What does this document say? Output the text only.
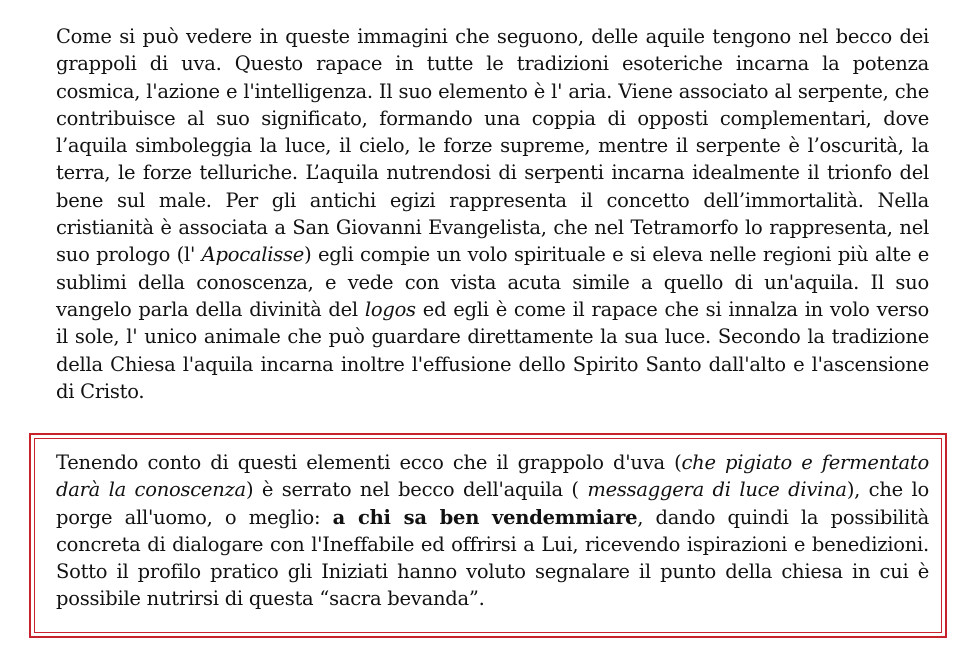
Come si può vedere in queste immagini che seguono, delle aquile tengono nel becco dei grappoli di uva. Questo rapace in tutte le tradizioni esoteriche incarna la potenza cosmica, l'azione e l'intelligenza. Il suo elemento è l' aria. Viene associato al serpente, che contribuisce al suo significato, formando una coppia di opposti complementari, dove l’aquila simboleggia la luce, il cielo, le forze supreme, mentre il serpente è l’oscurità, la terra, le forze telluriche. L’aquila nutrendosi di serpenti incarna idealmente il trionfo del bene sul male. Per gli antichi egizi rappresenta il concetto dell’immortalità. Nella cristianità è associata a San Giovanni Evangelista, che nel Tetramorfo lo rappresenta, nel suo prologo (l' Apocalisse) egli compie un volo spirituale e si eleva nelle regioni più alte e sublimi della conoscenza, e vede con vista acuta simile a quello di un'aquila. Il suo vangelo parla della divinità del logos ed egli è come il rapace che si innalza in volo verso il sole, l' unico animale che può guardare direttamente la sua luce. Secondo la tradizione della Chiesa l'aquila incarna inoltre l'effusione dello Spirito Santo dall'alto e l'ascensione di Cristo.

Tenendo conto di questi elementi ecco che il grappolo d'uva (che pigiato e fermentato darà la conoscenza) è serrato nel becco dell'aquila ( messaggera di luce divina), che lo porge all'uomo, o meglio: a chi sa ben vendemmiare, dando quindi la possibilità concreta di dialogare con l'Ineffabile ed offrirsi a Lui, ricevendo ispirazioni e benedizioni. Sotto il profilo pratico gli Iniziati hanno voluto segnalare il punto della chiesa in cui è possibile nutrirsi di questa “sacra bevanda”.
